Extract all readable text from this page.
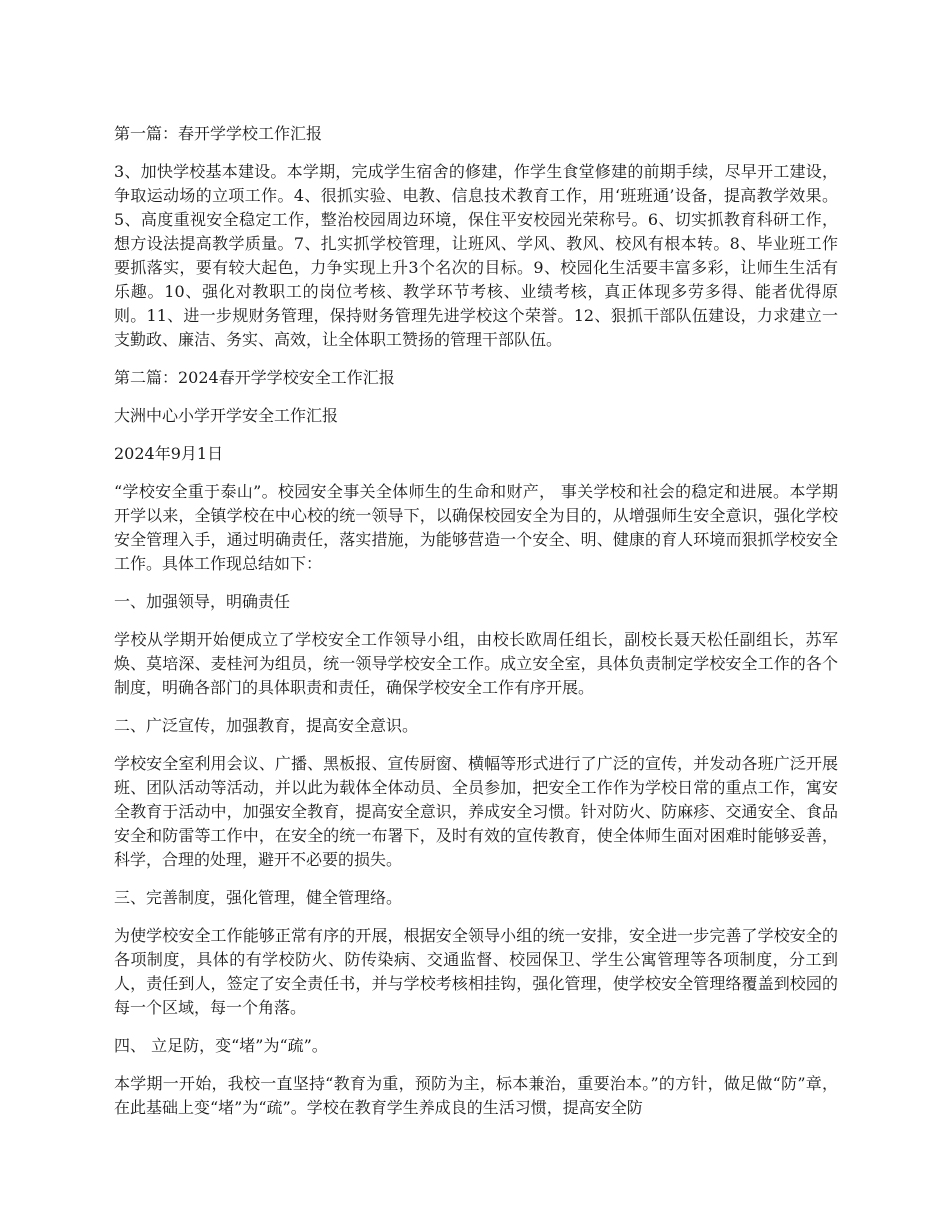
第一篇：春开学学校工作汇报

3、加快学校基本建设。本学期，完成学生宿舍的修建，作学生食堂修建的前期手续，尽早开工建设，争取运动场的立项工作。4、很抓实验、电教、信息技术教育工作，用‘班班通’设备，提高教学效果。5、高度重视安全稳定工作，整治校园周边环境，保住平安校园光荣称号。6、切实抓教育科研工作，想方设法提高教学质量。7、扎实抓学校管理，让班风、学风、教风、校风有根本转。8、毕业班工作要抓落实，要有较大起色，力争实现上升3个名次的目标。9、校园化生活要丰富多彩，让师生生活有乐趣。10、强化对教职工的岗位考核、教学环节考核、业绩考核，真正体现多劳多得、能者优得原则。11、进一步规财务管理，保持财务管理先进学校这个荣誉。12、狠抓干部队伍建设，力求建立一支勤政、廉洁、务实、高效，让全体职工赞扬的管理干部队伍。

第二篇：2024春开学学校安全工作汇报

大洲中心小学开学安全工作汇报

2024年9月1日

“学校安全重于泰山”。校园安全事关全体师生的生命和财产， 事关学校和社会的稳定和进展。本学期开学以来，全镇学校在中心校的统一领导下，以确保校园安全为目的，从增强师生安全意识，强化学校安全管理入手，通过明确责任，落实措施，为能够营造一个安全、明、健康的育人环境而狠抓学校安全工作。具体工作现总结如下：

一、加强领导，明确责任

学校从学期开始便成立了学校安全工作领导小组，由校长欧周任组长，副校长聂天松任副组长，苏军焕、莫培深、麦桂河为组员，统一领导学校安全工作。成立安全室，具体负责制定学校安全工作的各个制度，明确各部门的具体职责和责任，确保学校安全工作有序开展。

二、广泛宣传，加强教育，提高安全意识。

学校安全室利用会议、广播、黑板报、宣传厨窗、横幅等形式进行了广泛的宣传，并发动各班广泛开展班、团队活动等活动，并以此为载体全体动员、全员参加，把安全工作作为学校日常的重点工作，寓安全教育于活动中，加强安全教育，提高安全意识，养成安全习惯。针对防火、防麻疹、交通安全、食品安全和防雷等工作中，在安全的统一布署下，及时有效的宣传教育，使全体师生面对困难时能够妥善，科学，合理的处理，避开不必要的损失。

三、完善制度，强化管理，健全管理络。

为使学校安全工作能够正常有序的开展，根据安全领导小组的统一安排，安全进一步完善了学校安全的各项制度，具体的有学校防火、防传染病、交通监督、校园保卫、学生公寓管理等各项制度，分工到人，责任到人，签定了安全责任书，并与学校考核相挂钩，强化管理，使学校安全管理络覆盖到校园的每一个区域，每一个角落。

四、 立足防，变“堵”为“疏”。

本学期一开始，我校一直坚持“教育为重，预防为主，标本兼治，重要治本。”的方针，做足做“防”章，在此基础上变“堵”为“疏”。学校在教育学生养成良的生活习惯，提高安全防
